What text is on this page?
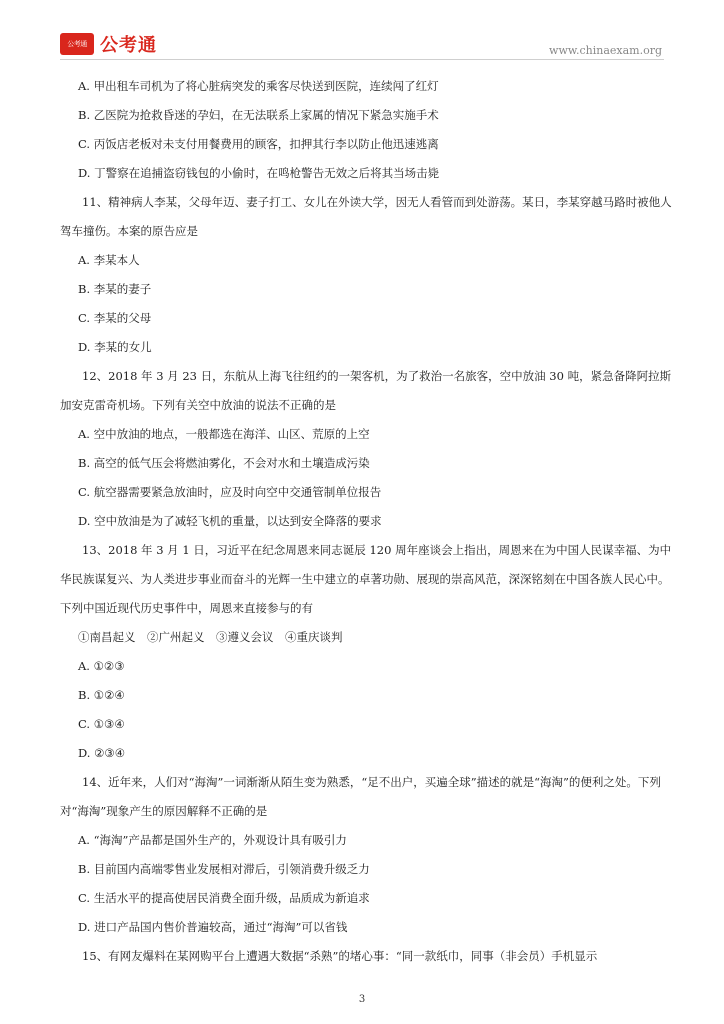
公考通 公考通	www.chinaexam.org
A. 甲出租车司机为了将心脏病突发的乘客尽快送到医院，连续闯了红灯
B. 乙医院为抢救昏迷的孕妇，在无法联系上家属的情况下紧急实施手术
C. 丙饭店老板对未支付用餐费用的顾客，扣押其行李以防止他迅速逃离
D. 丁警察在追捕盗窃钱包的小偷时，在鸣枪警告无效之后将其当场击毙

11、精神病人李某，父母年迈、妻子打工、女儿在外读大学，因无人看管而到处游荡。某日，李某穿越马路时被他人驾车撞伤。本案的原告应是

A. 李某本人
B. 李某的妻子
C. 李某的父母
D. 李某的女儿

12、2018 年 3 月 23 日，东航从上海飞往纽约的一架客机，为了救治一名旅客，空中放油 30 吨，紧急备降阿拉斯加安克雷奇机场。下列有关空中放油的说法不正确的是

A. 空中放油的地点，一般都选在海洋、山区、荒原的上空
B. 高空的低气压会将燃油雾化，不会对水和土壤造成污染
C. 航空器需要紧急放油时，应及时向空中交通管制单位报告
D. 空中放油是为了减轻飞机的重量，以达到安全降落的要求

13、2018 年 3 月 1 日，习近平在纪念周恩来同志诞辰 120 周年座谈会上指出，周恩来在为中国人民谋幸福、为中华民族谋复兴、为人类进步事业而奋斗的光辉一生中建立的卓著功勋、展现的崇高风范，深深铭刻在中国各族人民心中。下列中国近现代历史事件中，周恩来直接参与的有

①南昌起义　②广州起义　③遵义会议　④重庆谈判
A. ①②③
B. ①②④
C. ①③④
D. ②③④

14、近年来，人们对“海淘”一词渐渐从陌生变为熟悉，“足不出户，买遍全球”描述的就是“海淘”的便利之处。下列对“海淘”现象产生的原因解释不正确的是

A. “海淘”产品都是国外生产的，外观设计具有吸引力
B. 目前国内高端零售业发展相对滞后，引领消费升级乏力
C. 生活水平的提高使居民消费全面升级，品质成为新追求
D. 进口产品国内售价普遍较高，通过“海淘”可以省钱

15、有网友爆料在某网购平台上遭遇大数据“杀熟”的堵心事：“同一款纸巾，同事（非会员）手机显示

3
